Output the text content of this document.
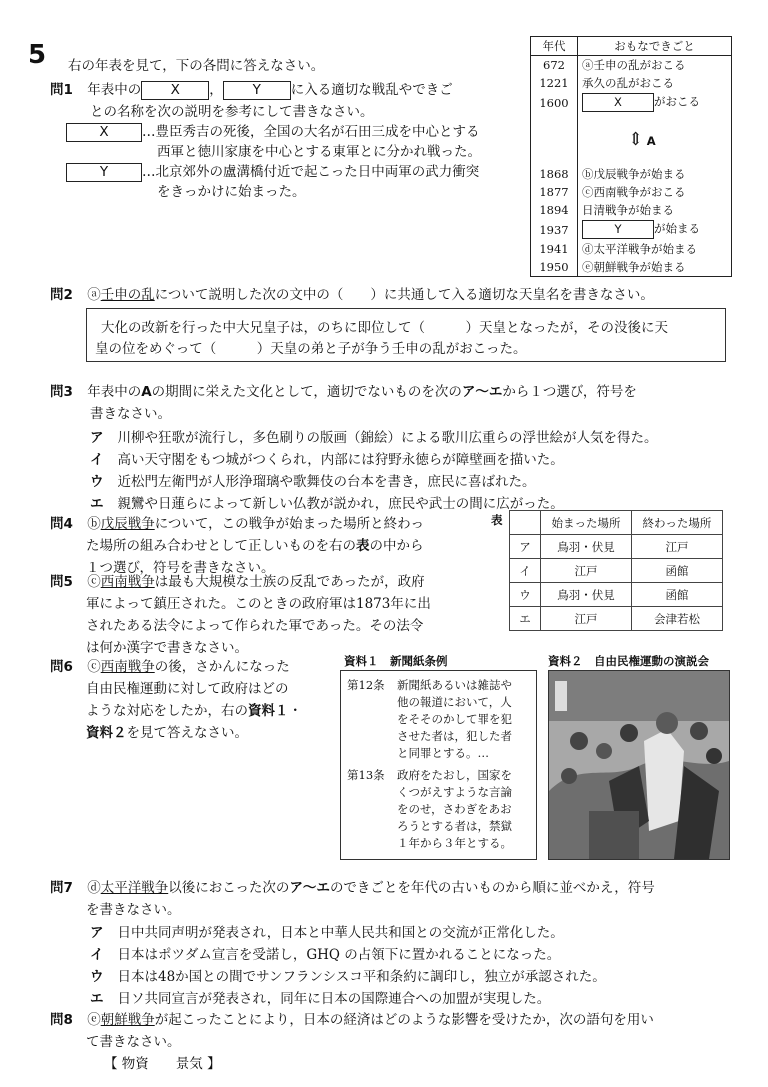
5 右の年表を見て，下の各問に答えなさい。
年代	おもなできごと
672	ⓐ壬申の乱がおこる
1221	承久の乱がおこる
1600	X がおこる
	⇕ A
1868	ⓑ戊辰戦争が始まる
1877	ⓒ西南戦争がおこる
1894	日清戦争が始まる
1937	Y が始まる
1941	ⓓ太平洋戦争が始まる
1950	ⓔ朝鮮戦争が始まる
問1 年表中の X ， Y に入る適切な戦乱やできご
との名称を次の説明を参考にして書きなさい。
X …豊臣秀吉の死後，全国の大名が石田三成を中心とする
西軍と徳川家康を中心とする東軍とに分かれ戦った。
Y	…北京郊外の盧溝橋付近で起こった日中両軍の武力衝突
をきっかけに始まった。
問2 ⓐ壬申の乱について説明した次の文中の（　　）に共通して入る適切な天皇名を書きなさい。
大化の改新を行った中大兄皇子は，のちに即位して（　　　）天皇となったが，その没後に天
皇の位をめぐって（　　　）天皇の弟と子が争う壬申の乱がおこった。
問3 年表中のAの期間に栄えた文化として，適切でないものを次のア～エから１つ選び，符号を
書きなさい。
ア 川柳や狂歌が流行し，多色刷りの版画（錦絵）による歌川広重らの浮世絵が人気を得た。
イ 高い天守閣をもつ城がつくられ，内部には狩野永徳らが障壁画を描いた。
ウ 近松門左衛門が人形浄瑠璃や歌舞伎の台本を書き，庶民に喜ばれた。
エ 親鸞や日蓮らによって新しい仏教が説かれ，庶民や武士の間に広がった。
問4 ⓑ戊辰戦争について，この戦争が始まった場所と終わっ
た場所の組み合わせとして正しいものを右の表の中から
１つ選び，符号を書きなさい。
表
		始まった場所	終わった場所
ア	鳥羽・伏見	江戸
イ	江戸	函館
ウ	鳥羽・伏見	函館
エ	江戸	会津若松
問5 ⓒ西南戦争は最も大規模な士族の反乱であったが，政府
軍によって鎮圧された。このときの政府軍は1873年に出
されたある法令によって作られた軍であった。その法令
は何か漢字で書きなさい。
問6 ⓒ西南戦争の後，さかんになった
自由民権運動に対して政府はどの
ような対応をしたか，右の資料１・
資料２を見て答えなさい。
資料１　新聞紙条例
第12条 新聞紙あるいは雑誌や
他の報道において，人
をそそのかして罪を犯
させた者は，犯した者
と同罪とする。…
第13条 政府をたおし，国家を
くつがえすような言論
をのせ，さわぎをあお
ろうとする者は，禁獄
１年から３年とする。
資料２　自由民権運動の演説会
問7 ⓓ太平洋戦争以後におこった次のア～エのできごとを年代の古いものから順に並べかえ，符号
を書きなさい。
ア 日中共同声明が発表され，日本と中華人民共和国との交流が正常化した。
イ 日本はポツダム宣言を受諾し，GHQ の占領下に置かれることになった。
ウ 日本は48か国との間でサンフランシスコ平和条約に調印し，独立が承認された。
エ 日ソ共同宣言が発表され，同年に日本の国際連合への加盟が実現した。
問8 ⓔ朝鮮戦争が起こったことにより，日本の経済はどのような影響を受けたか，次の語句を用い
て書きなさい。
【 物資　　景気 】
